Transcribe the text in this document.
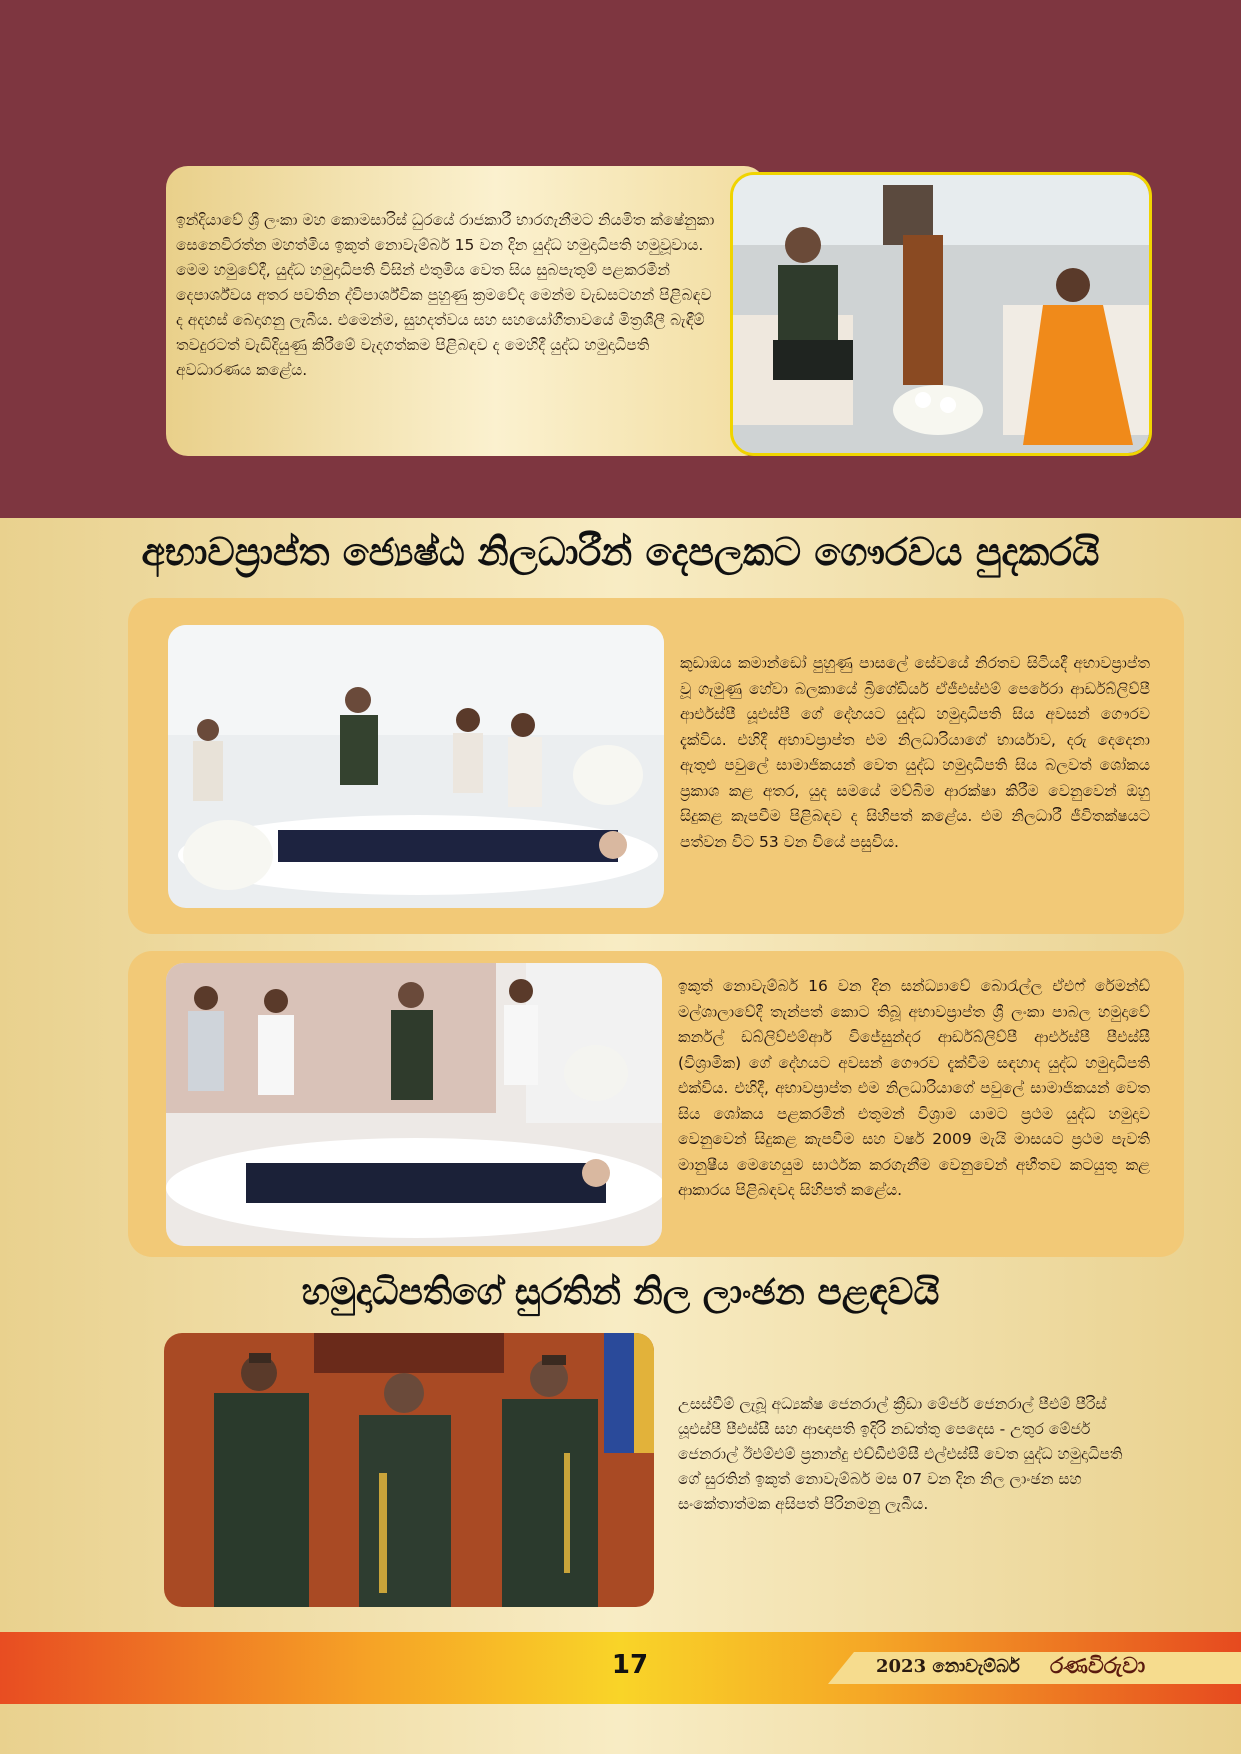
ඉන්දියාවේ ශ්‍රී ලංකා මහ කොමසාරිස් ධුරයේ රාජකාරී භාරගැනීමට නියමිත ක්ෂේනුකා සෙනෙවිරත්න මහත්මිය ඉකුත් නොවැම්බර් 15 වන දින යුද්ධ හමුදාධිපති හමුවූවාය. මෙම හමුවේදී, යුද්ධ හමුදාධිපති විසින් එතුමිය වෙත සිය සුබපැතුම් පළකරමින් දෙපාර්ශ්වය අතර පවතින ද්විපාර්ශ්වික පුහුණු ක්‍රමවේද මෙන්ම වැඩසටහන් පිළිබඳව ද අදහස් බෙදාගනු ලැබීය. එමෙන්ම, සුහදත්වය සහ සහයෝගීතාවයේ මිත්‍රශීලී බැඳීම් තවදුරටත් වැඩිදියුණු කිරීමේ වැදගත්කම පිළිබඳව ද මෙහිදී යුද්ධ හමුදාධිපති අවධාරණය කළේය.

අභාවප්‍රාප්ත ජ්‍යෙෂ්ඨ නිලධාරීන් දෙපලකට ගෞරවය පුදකරයි

කුඩාඔය කමාන්ඩෝ පුහුණු පාසලේ සේවයේ නිරතව සිටියදී අභාවප්‍රාප්ත වූ ගැමුණු හේවා බලකායේ බ්‍රිගේඩියර් ඒජීඑස්එම් පෙරේරා ආර්ඩබ්ලිව්පී ආර්එස්පී යූඑස්පී ගේ දේහයට යුද්ධ හමුදාධිපති සිය අවසන් ගෞරව දැක්විය. එහිදී අභාවප්‍රාප්ත එම නිලධාරියාගේ භාර්යාව, දරු දෙදෙනා ඇතුළු පවුලේ සාමාජිකයන් වෙත යුද්ධ හමුදාධිපති සිය බලවත් ශෝකය ප්‍රකාශ කළ අතර, යුද සමයේ මව්බිම ආරක්ෂා කිරීම වෙනුවෙන් ඔහු සිදුකළ කැපවීම පිළිබඳව ද සිහිපත් කළේය. එම නිලධාරී ජීවිතක්ෂයට පත්වන විට 53 වන වියේ පසුවිය.

ඉකුත් නොවැම්බර් 16 වන දින සන්ධ්‍යාවේ බොරැල්ල ඒඑෆ් රේමන්ඩ් මල්ශාලාවේදී තැන්පත් කොට තිබූ අභාවප්‍රාප්ත ශ්‍රී ලංකා පාබල හමුදාවේ කර්නල් ඩබ්ලිව්එම්ආර් විජේසුන්දර ආර්ඩබ්ලිව්පී ආර්එස්පී පීඑස්සී (විශ්‍රාමික) ගේ දේහයට අවසන් ගෞරව දැක්වීම සඳහාද යුද්ධ හමුදාධිපති එක්විය. එහිදී, අභාවප්‍රාප්ත එම නිලධාරියාගේ පවුලේ සාමාජිකයන් වෙත සිය ශෝකය පළකරමින් එතුමන් විශ්‍රාම යාමට ප්‍රථම යුද්ධ හමුදාව වෙනුවෙන් සිදුකළ කැපවීම සහ වර්ෂ 2009 මැයි මාසයට ප්‍රථම පැවති මානුෂීය මෙහෙයුම සාර්ථක කරගැනීම වෙනුවෙන් අභීතව කටයුතු කළ ආකාරය පිළිබඳවද සිහිපත් කළේය.

හමුදාධිපතිගේ සුරතින් නිල ලාංඡන පළඳවයි

උසස්වීම් ලැබූ අධ්‍යක්ෂ ජෙනරාල් ක්‍රීඩා මේජර් ජෙනරාල් පීඑම් පීරිස් යූඑස්පී පීඑස්සී සහ ආඥාපති ඉදිරි නඩත්තු පෙදෙස - උතුර මේජර් ජෙනරාල් ඊඑම්එම් ප්‍රනාන්දු එච්ඩීඑම්සී එල්එස්සී වෙත යුද්ධ හමුදාධිපති ගේ සුරතින් ඉකුත් නොවැම්බර් මස 07 වන දින නිල ලාංඡන සහ සංකේතාත්මක අසිපත් පිරිනමනු ලැබීය.

17	2023 නොවැම්බර් රණවිරුවා
